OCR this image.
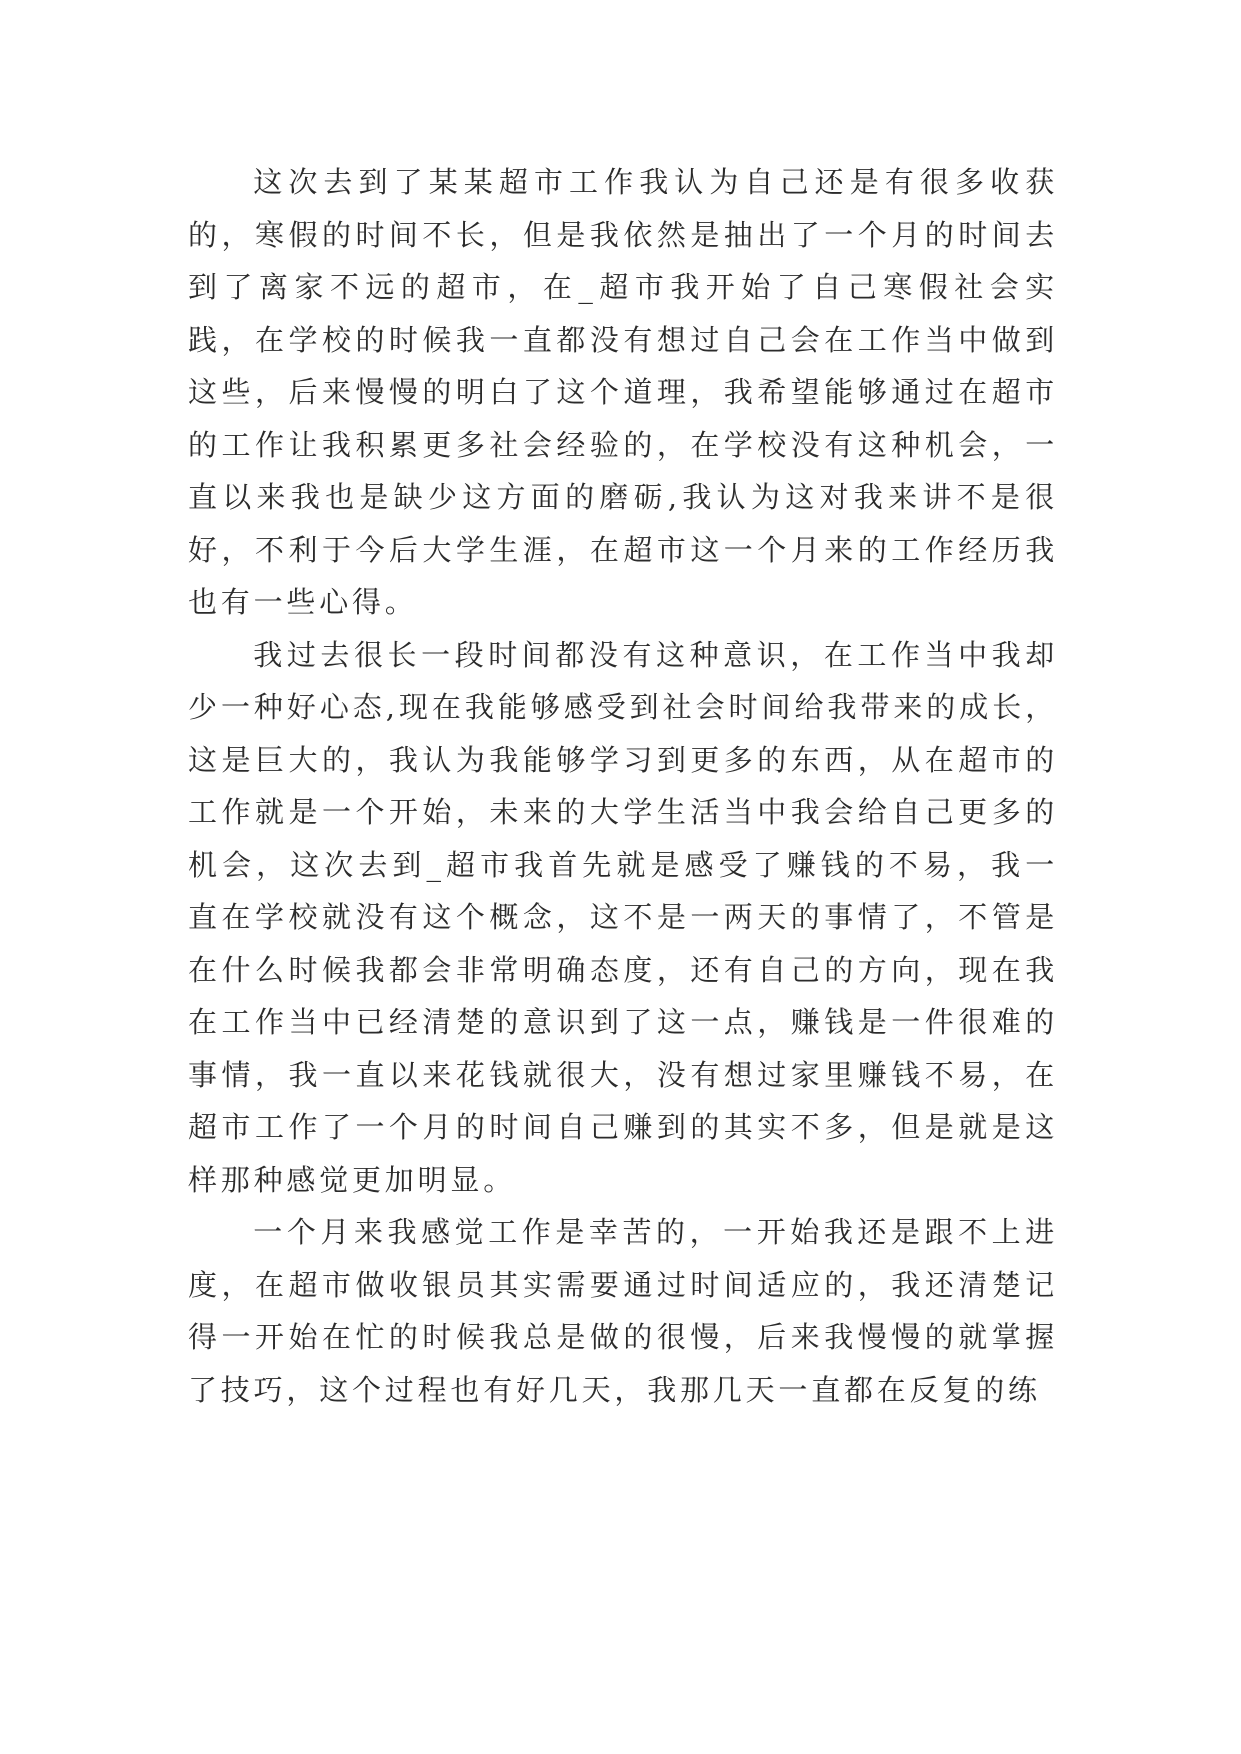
这次去到了某某超市工作我认为自己还是有很多收获的，寒假的时间不长，但是我依然是抽出了一个月的时间去到了离家不远的超市，在_超市我开始了自己寒假社会实践，在学校的时候我一直都没有想过自己会在工作当中做到这些，后来慢慢的明白了这个道理，我希望能够通过在超市的工作让我积累更多社会经验的，在学校没有这种机会，一直以来我也是缺少这方面的磨砺,我认为这对我来讲不是很好，不利于今后大学生涯，在超市这一个月来的工作经历我也有一些心得。

我过去很长一段时间都没有这种意识，在工作当中我却少一种好心态,现在我能够感受到社会时间给我带来的成长，这是巨大的，我认为我能够学习到更多的东西，从在超市的工作就是一个开始，未来的大学生活当中我会给自己更多的机会，这次去到_超市我首先就是感受了赚钱的不易，我一直在学校就没有这个概念，这不是一两天的事情了，不管是在什么时候我都会非常明确态度，还有自己的方向，现在我在工作当中已经清楚的意识到了这一点，赚钱是一件很难的事情，我一直以来花钱就很大，没有想过家里赚钱不易，在超市工作了一个月的时间自己赚到的其实不多，但是就是这样那种感觉更加明显。

一个月来我感觉工作是幸苦的，一开始我还是跟不上进度，在超市做收银员其实需要通过时间适应的，我还清楚记得一开始在忙的时候我总是做的很慢，后来我慢慢的就掌握了技巧，这个过程也有好几天，我那几天一直都在反复的练
